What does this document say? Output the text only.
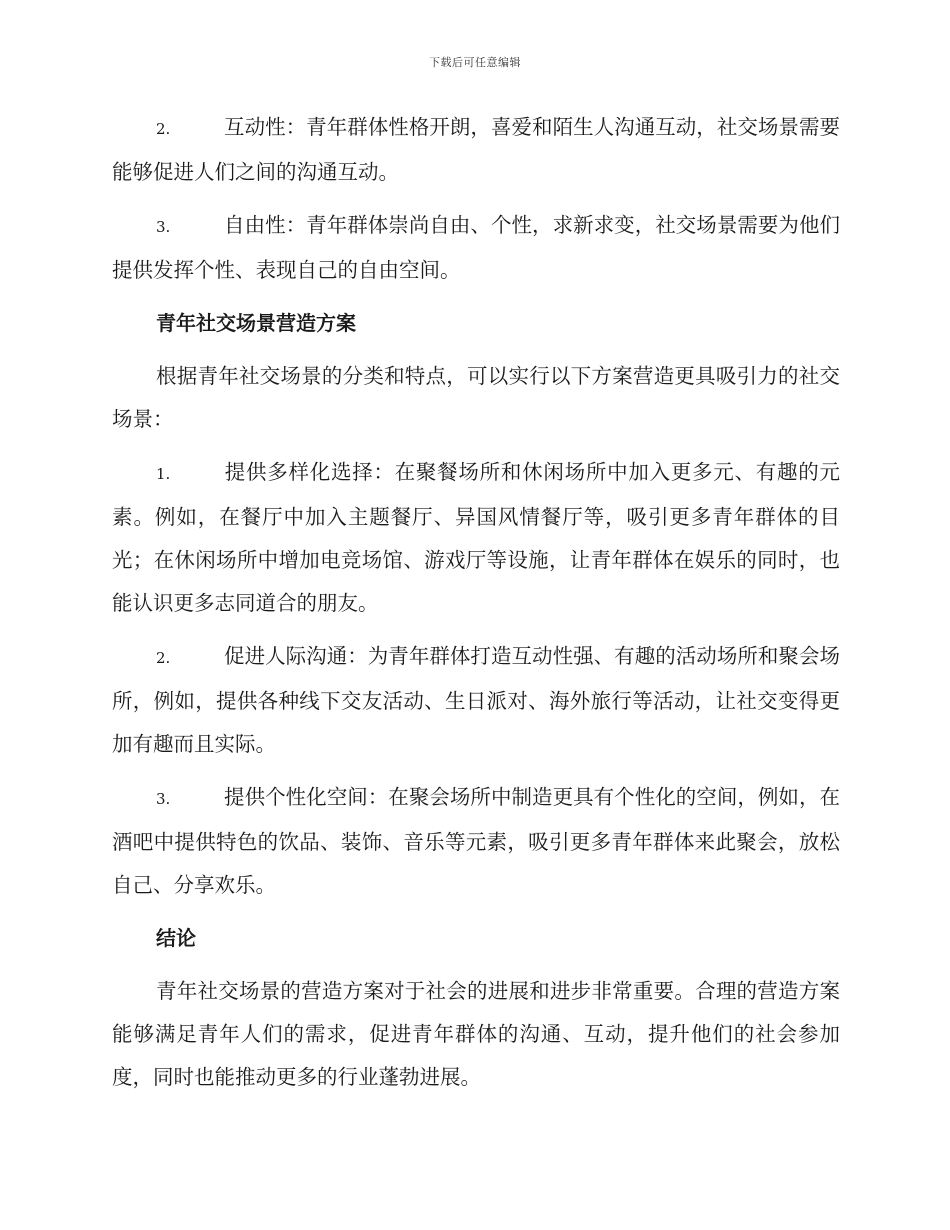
下载后可任意编辑

2.	互动性：青年群体性格开朗，喜爱和陌生人沟通互动，社交场景需要能够促进人们之间的沟通互动。

3.	自由性：青年群体崇尚自由、个性，求新求变，社交场景需要为他们提供发挥个性、表现自己的自由空间。

青年社交场景营造方案

根据青年社交场景的分类和特点，可以实行以下方案营造更具吸引力的社交场景：

1.	提供多样化选择：在聚餐场所和休闲场所中加入更多元、有趣的元素。例如，在餐厅中加入主题餐厅、异国风情餐厅等，吸引更多青年群体的目光；在休闲场所中增加电竞场馆、游戏厅等设施，让青年群体在娱乐的同时，也能认识更多志同道合的朋友。

2.	促进人际沟通：为青年群体打造互动性强、有趣的活动场所和聚会场所，例如，提供各种线下交友活动、生日派对、海外旅行等活动，让社交变得更加有趣而且实际。

3.	提供个性化空间：在聚会场所中制造更具有个性化的空间，例如，在酒吧中提供特色的饮品、装饰、音乐等元素，吸引更多青年群体来此聚会，放松自己、分享欢乐。

结论

青年社交场景的营造方案对于社会的进展和进步非常重要。合理的营造方案能够满足青年人们的需求，促进青年群体的沟通、互动，提升他们的社会参加度，同时也能推动更多的行业蓬勃进展。
